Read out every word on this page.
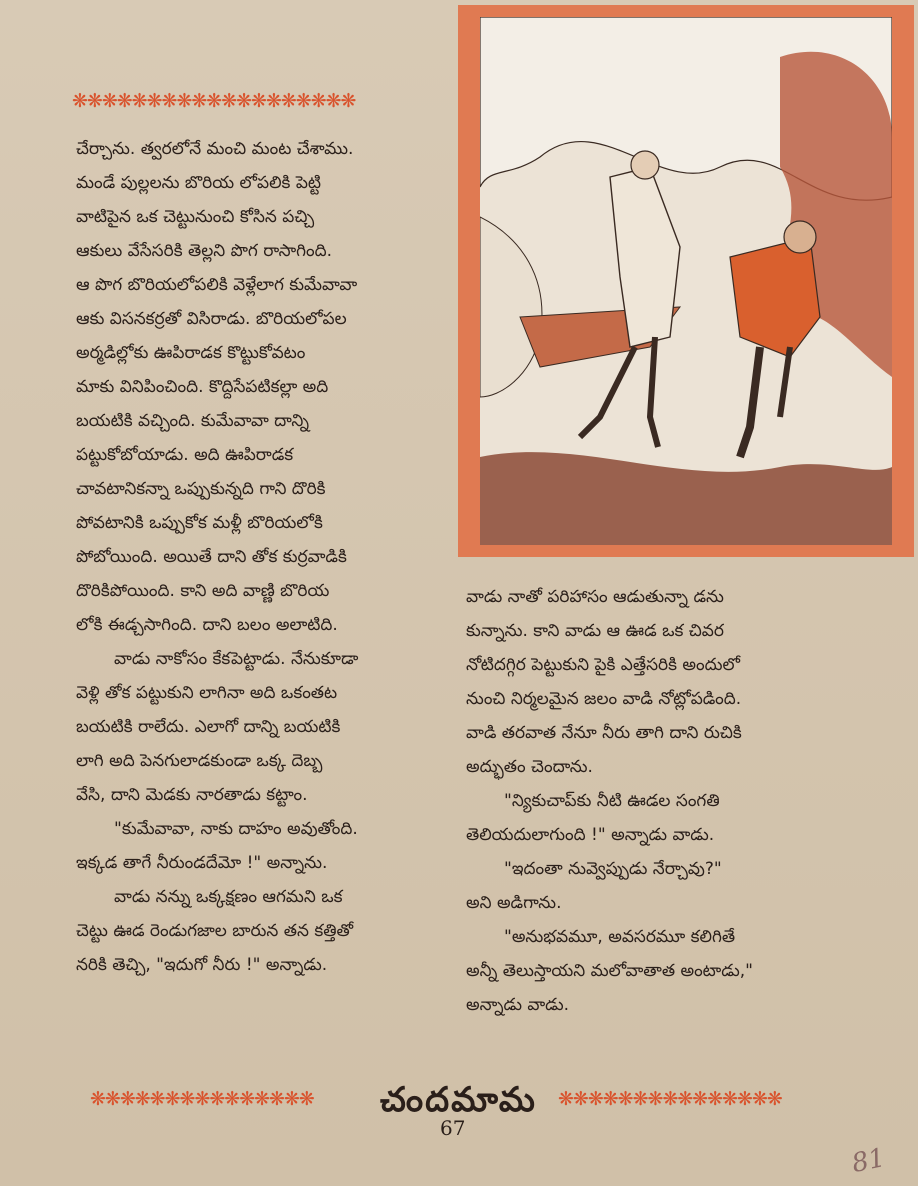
❋❋❋❋❋❋❋❋❋❋❋❋❋❋❋❋❋❋❋

చేర్చాను. త్వరలోనే మంచి మంట చేశాము.

మండే పుల్లలను బొరియ లోపలికి పెట్టి

వాటిపైన ఒక చెట్టునుంచి కోసిన పచ్చి

ఆకులు వేసేసరికి తెల్లని పొగ రాసాగింది.

ఆ పొగ బొరియలోపలికి వెళ్లేలాగ కుమేవావా

ఆకు విసనకర్రతో విసిరాడు. బొరియలోపల

అర్మడిల్లోకు ఊపిరాడక కొట్టుకోవటం

మాకు వినిపించింది. కొద్దిసేపటికల్లా అది

బయటికి వచ్చింది. కుమేవావా దాన్ని

పట్టుకోబోయాడు. అది ఊపిరాడక

చావటానికన్నా ఒప్పుకున్నది గాని దొరికి

పోవటానికి ఒప్పుకోక మళ్లీ బొరియలోకి

పోబోయింది. అయితే దాని తోక కుర్రవాడికి

దొరికిపోయింది. కాని అది వాణ్ణి బొరియ

లోకి ఈడ్చసాగింది. దాని బలం అలాటిది.

వాడు నాకోసం కేకపెట్టాడు. నేనుకూడా

వెళ్లి తోక పట్టుకుని లాగినా అది ఒకంతట

బయటికి రాలేదు. ఎలాగో దాన్ని బయటికి

లాగి అది పెనగులాడకుండా ఒక్క దెబ్బ

వేసి, దాని మెడకు నారతాడు కట్టాం.

"కుమేవావా, నాకు దాహం అవుతోంది.

ఇక్కడ తాగే నీరుండదేమో !" అన్నాను.

వాడు నన్ను ఒక్కక్షణం ఆగమని ఒక

చెట్టు ఊడ రెండుగజాల బారున తన కత్తితో

నరికి తెచ్చి, "ఇదుగో నీరు !" అన్నాడు.

వాడు నాతో పరిహాసం ఆడుతున్నా డను

కున్నాను. కాని వాడు ఆ ఊడ ఒక చివర

నోటిదగ్గిర పెట్టుకుని పైకి ఎత్తేసరికి అందులో

నుంచి నిర్మలమైన జలం వాడి నోట్లోపడింది.

వాడి తరవాత నేనూ నీరు తాగి దాని రుచికి

అద్భుతం చెందాను.

"న్యికుచాప్‌కు నీటి ఊడల సంగతి

తెలియదులాగుంది !" అన్నాడు వాడు.

"ఇదంతా నువ్వెప్పుడు నేర్చావు?"

అని అడిగాను.

"అనుభవమూ, అవసరమూ కలిగితే

అన్నీ తెలుస్తాయని మలోవాతాత అంటాడు,"

అన్నాడు వాడు.

❋❋❋❋❋❋❋❋❋❋❋❋❋❋❋	చందమామ ❋❋❋❋❋❋❋❋❋❋❋❋❋❋❋
67
81
